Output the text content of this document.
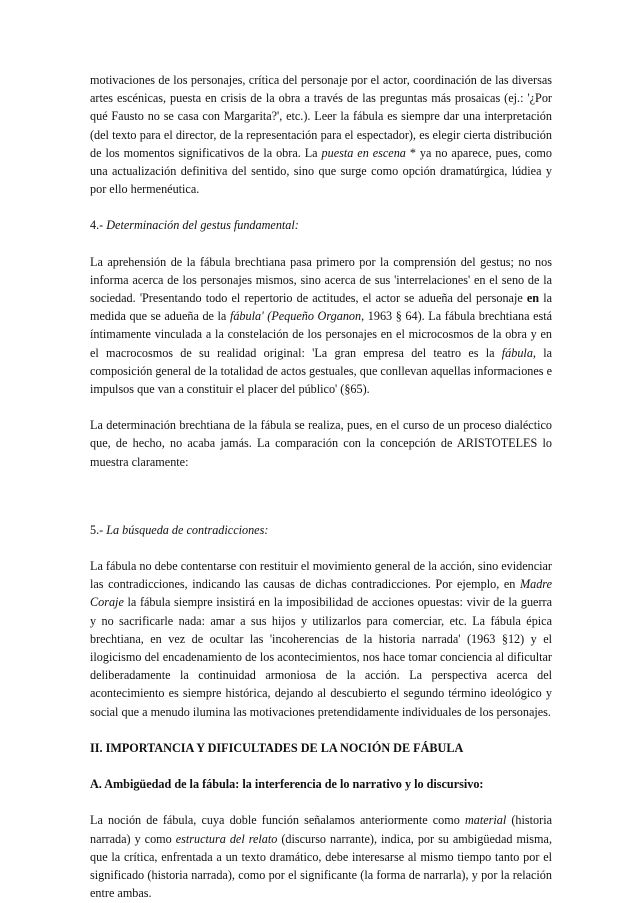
motivaciones de los personajes, crítica del personaje por el actor, coordinación de las diversas artes escénicas, puesta en crisis de la obra a través de las preguntas más prosaicas (ej.: '¿Por qué Fausto no se casa con Margarita?', etc.). Leer la fábula es siempre dar una interpretación (del texto para el director, de la representación para el espectador), es elegir cierta distribución de los momentos significativos de la obra. La puesta en escena * ya no aparece, pues, como una actualización definitiva del sentido, sino que surge como opción dramatúrgica, lúdiea y por ello hermenéutica.

4.- Determinación del gestus fundamental:

La aprehensión de la fábula brechtiana pasa primero por la comprensión del gestus; no nos informa acerca de los personajes mismos, sino acerca de sus 'interrelaciones' en el seno de la sociedad. 'Presentando todo el repertorio de actitudes, el actor se adueña del personaje en la medida que se adueña de la fábula' (Pequeño Organon, 1963 § 64). La fábula brechtiana está íntimamente vinculada a la constelación de los personajes en el microcosmos de la obra y en el macrocosmos de su realidad original: 'La gran empresa del teatro es la fábula, la composición general de la totalidad de actos gestuales, que conllevan aquellas informaciones e impulsos que van a constituir el placer del público' (§65).

La determinación brechtiana de la fábula se realiza, pues, en el curso de un proceso dialéctico que, de hecho, no acaba jamás. La comparación con la concepción de ARISTOTELES lo muestra claramente:

5.- La búsqueda de contradicciones:

La fábula no debe contentarse con restituir el movimiento general de la acción, sino evidenciar las contradicciones, indicando las causas de dichas contradicciones. Por ejemplo, en Madre Coraje la fábula siempre insistirá en la imposibilidad de acciones opuestas: vivir de la guerra y no sacrificarle nada: amar a sus hijos y utilizarlos para comerciar, etc. La fábula épica brechtiana, en vez de ocultar las 'incoherencias de la historia narrada' (1963 §12) y el ilogicismo del encadenamiento de los acontecimientos, nos hace tomar conciencia al dificultar deliberadamente la continuidad armoniosa de la acción. La perspectiva acerca del acontecimiento es siempre histórica, dejando al descubierto el segundo término ideológico y social que a menudo ilumina las motivaciones pretendidamente individuales de los personajes.

II. IMPORTANCIA Y DIFICULTADES DE LA NOCIÓN DE FÁBULA

A. Ambigüedad de la fábula: la interferencia de lo narrativo y lo discursivo:

La noción de fábula, cuya doble función señalamos anteriormente como material (historia narrada) y como estructura del relato (discurso narrante), indica, por su ambigüedad misma, que la crítica, enfrentada a un texto dramático, debe interesarse al mismo tiempo tanto por el significado (historia narrada), como por el significante (la forma de narrarla), y por la relación entre ambas.
